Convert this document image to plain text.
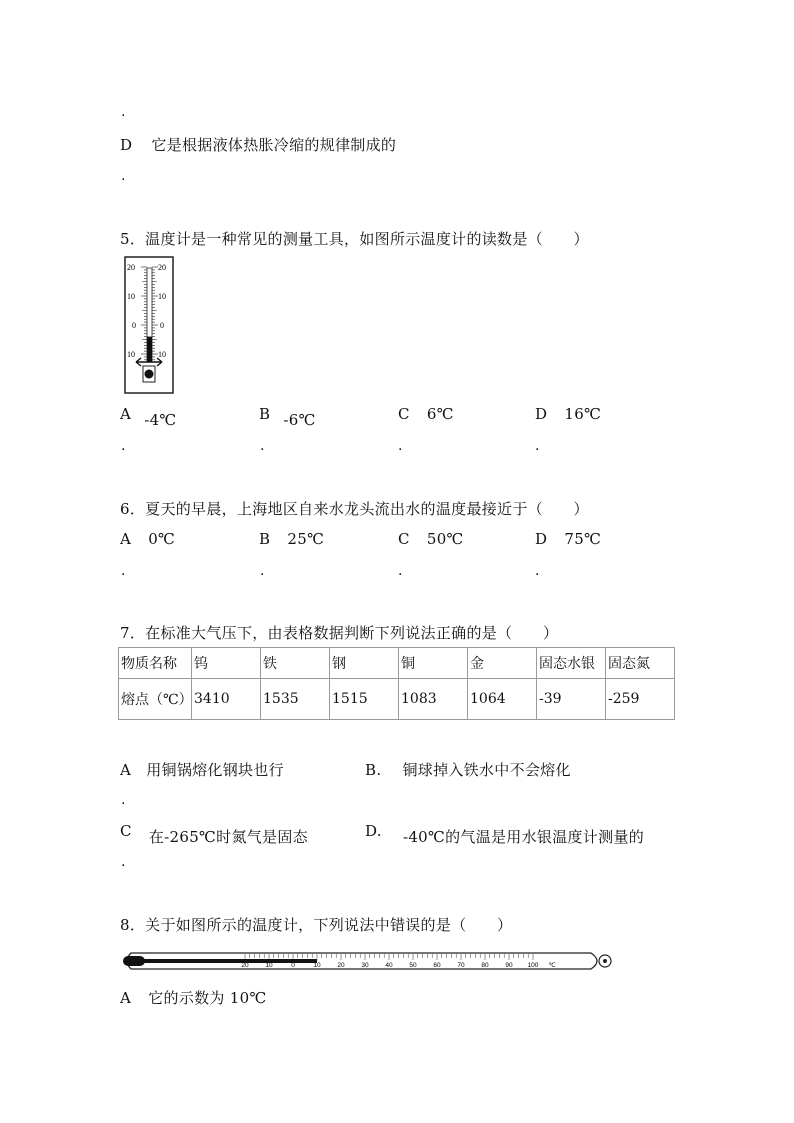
.
D 它是根据液体热胀冷缩的规律制成的
.
5．温度计是一种常见的测量工具，如图所示温度计的读数是（　　）
20
10
0
10
20
10
0
10
A -4℃	B -6℃	C 6℃	D 16℃
.	.	.	.
6．夏天的早晨，上海地区自来水龙头流出水的温度最接近于（　　）
A 0℃	B 25℃	C 50℃	D 75℃
.	.	.	.
7．在标准大气压下，由表格数据判断下列说法正确的是（　　）
物质名称	钨	铁	钢	铜	金	固态水银	固态氮
熔点（℃）	3410	1535	1515	1083	1064	-39	-259
A 用铜锅熔化钢块也行	B. 铜球掉入铁水中不会熔化
.
C 在-265℃时氮气是固态	D. -40℃的气温是用水银温度计测量的
.
8．关于如图所示的温度计，下列说法中错误的是（　　）
20	10	0	10	20	30	40	50	60	70	80	90 100 ℃
A 它的示数为 10℃
